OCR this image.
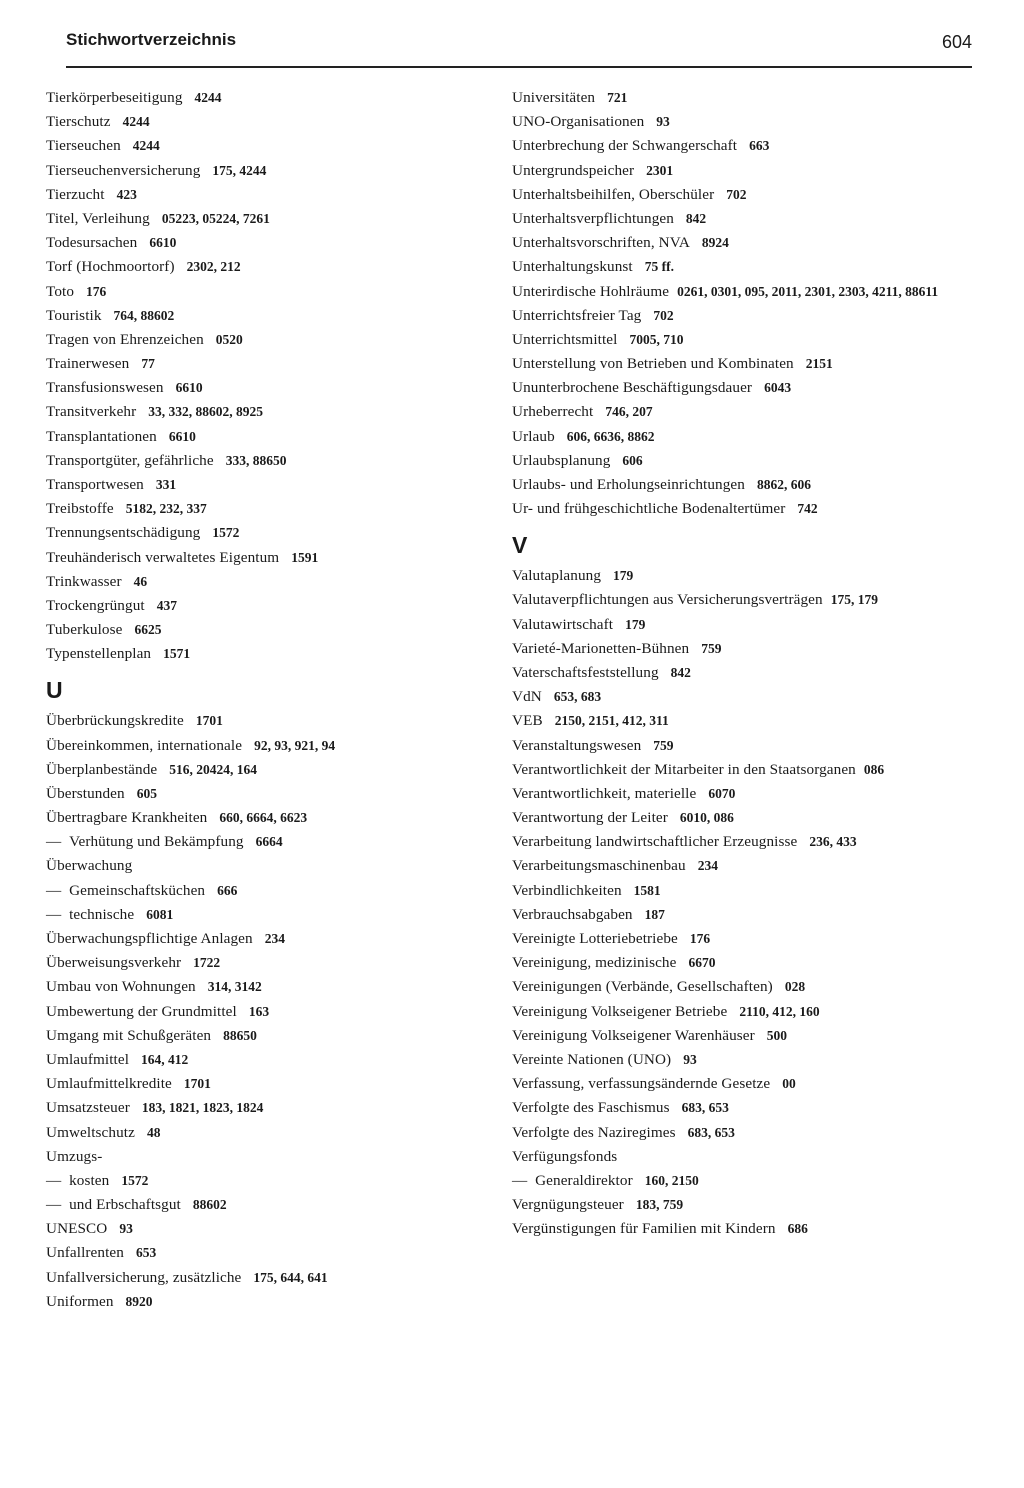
Stichwortverzeichnis	604
Tierkörperbeseitigung 4244
Tierschutz 4244
Tierseuchen 4244
Tierseuchenversicherung 175, 4244
Tierzucht 423
Titel, Verleihung 05223, 05224, 7261
Todesursachen 6610
Torf (Hochmoortorf) 2302, 212
Toto 176
Touristik 764, 88602
Tragen von Ehrenzeichen 0520
Trainerwesen 77
Transfusionswesen 6610
Transitverkehr 33, 332, 88602, 8925
Transplantationen 6610
Transportgüter, gefährliche 333, 88650
Transportwesen 331
Treibstoffe 5182, 232, 337
Trennungsentschädigung 1572
Treuhänderisch verwaltetes Eigentum 1591
Trinkwasser 46
Trockengrüngut 437
Tuberkulose 6625
Typenstellenplan 1571
U
Überbrückungskredite 1701
Übereinkommen, internationale 92, 93, 921, 94
Überplanbestände 516, 20424, 164
Überstunden 605
Übertragbare Krankheiten 660, 6664, 6623
—  Verhütung und Bekämpfung 6664
Überwachung
—  Gemeinschaftsküchen 666
—  technische 6081
Überwachungspflichtige Anlagen 234
Überweisungsverkehr 1722
Umbau von Wohnungen 314, 3142
Umbewertung der Grundmittel 163
Umgang mit Schußgeräten 88650
Umlaufmittel 164, 412
Umlaufmittelkredite 1701
Umsatzsteuer 183, 1821, 1823, 1824
Umweltschutz 48
Umzugs-
—  kosten 1572
—  und Erbschaftsgut 88602
UNESCO 93
Unfallrenten 653
Unfallversicherung, zusätzliche 175, 644, 641
Uniformen 8920
Universitäten 721
UNO-Organisationen 93
Unterbrechung der Schwangerschaft 663
Untergrundspeicher 2301
Unterhaltsbeihilfen, Oberschüler 702
Unterhaltsverpflichtungen 842
Unterhaltsvorschriften, NVA 8924
Unterhaltungskunst 75 ff.
Unterirdische Hohlräume 0261, 0301, 095, 2011, 2301, 2303, 4211, 88611
Unterrichtsfreier Tag 702
Unterrichtsmittel 7005, 710
Unterstellung von Betrieben und Kombinaten 2151
Ununterbrochene Beschäftigungsdauer 6043
Urheberrecht 746, 207
Urlaub 606, 6636, 8862
Urlaubsplanung 606
Urlaubs- und Erholungseinrichtungen 8862, 606
Ur- und frühgeschichtliche Bodenaltertümer 742
V
Valutaplanung 179
Valutaverpflichtungen aus Versicherungsverträgen 175, 179
Valutawirtschaft 179
Varieté-Marionetten-Bühnen 759
Vaterschaftsfeststellung 842
VdN 653, 683
VEB 2150, 2151, 412, 311
Veranstaltungswesen 759
Verantwortlichkeit der Mitarbeiter in den Staatsorganen 086
Verantwortlichkeit, materielle 6070
Verantwortung der Leiter 6010, 086
Verarbeitung landwirtschaftlicher Erzeugnisse 236, 433
Verarbeitungsmaschinenbau 234
Verbindlichkeiten 1581
Verbrauchsabgaben 187
Vereinigte Lotteriebetriebe 176
Vereinigung, medizinische 6670
Vereinigungen (Verbände, Gesellschaften) 028
Vereinigung Volkseigener Betriebe 2110, 412, 160
Vereinigung Volkseigener Warenhäuser 500
Vereinte Nationen (UNO) 93
Verfassung, verfassungsändernde Gesetze 00
Verfolgte des Faschismus 683, 653
Verfolgte des Naziregimes 683, 653
Verfügungsfonds
—  Generaldirektor 160, 2150
Vergnügungsteuer 183, 759
Vergünstigungen für Familien mit Kindern 686
